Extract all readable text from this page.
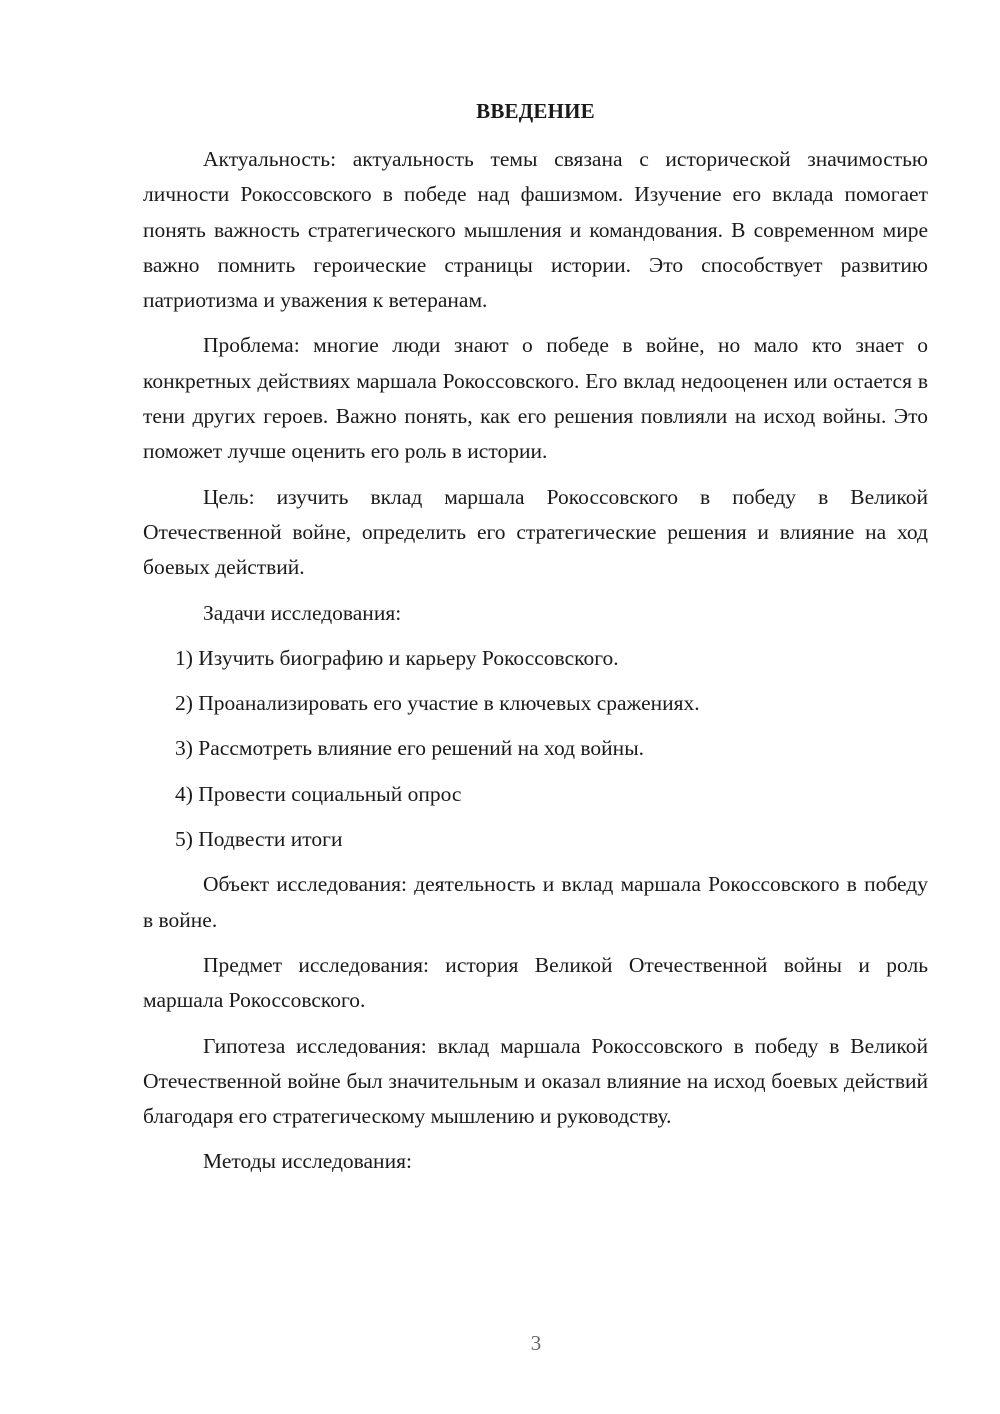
ВВЕДЕНИЕ

Актуальность: актуальность темы связана с исторической значимостью личности Рокоссовского в победе над фашизмом. Изучение его вклада помогает понять важность стратегического мышления и командования. В современном мире важно помнить героические страницы истории. Это способствует развитию патриотизма и уважения к ветеранам.

Проблема: многие люди знают о победе в войне, но мало кто знает о конкретных действиях маршала Рокоссовского. Его вклад недооценен или остается в тени других героев. Важно понять, как его решения повлияли на исход войны. Это поможет лучше оценить его роль в истории.

Цель: изучить вклад маршала Рокоссовского в победу в Великой Отечественной войне, определить его стратегические решения и влияние на ход боевых действий.

Задачи исследования:

1) Изучить биографию и карьеру Рокоссовского.
2) Проанализировать его участие в ключевых сражениях.
3) Рассмотреть влияние его решений на ход войны.
4) Провести социальный опрос
5) Подвести итоги

Объект исследования: деятельность и вклад маршала Рокоссовского в победу в войне.

Предмет исследования: история Великой Отечественной войны и роль маршала Рокоссовского.

Гипотеза исследования: вклад маршала Рокоссовского в победу в Великой Отечественной войне был значительным и оказал влияние на исход боевых действий благодаря его стратегическому мышлению и руководству.

Методы исследования:

3
